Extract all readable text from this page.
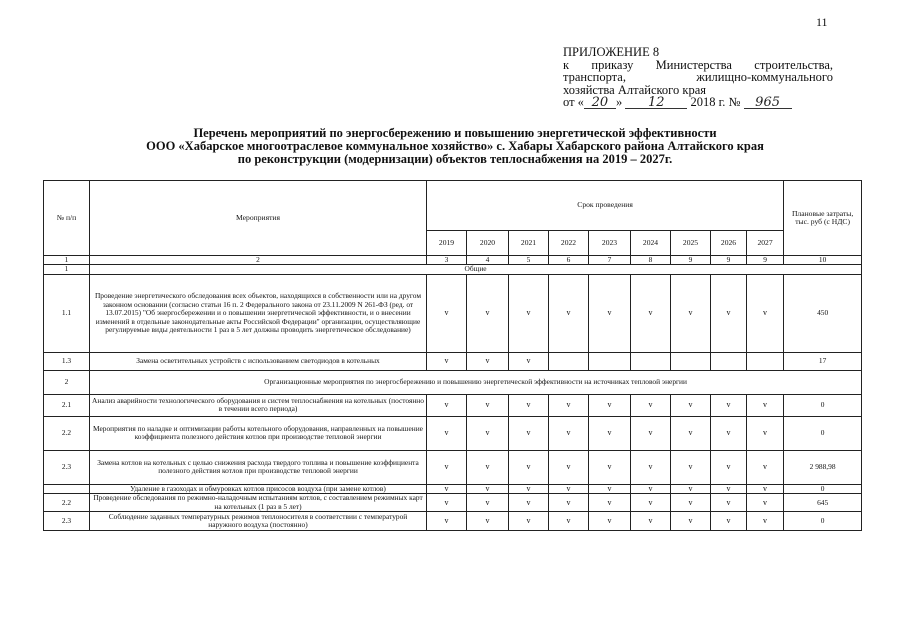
11
ПРИЛОЖЕНИЕ 8
к приказу Министерства строительства,
транспорта, жилищно-коммунального
хозяйства Алтайского края
от « 20 » 12 2018 г. № 965
Перечень мероприятий по энергосбережению и повышению энергетической эффективности
ООО «Хабарское многоотраслевое коммунальное хозяйство» с. Хабары Хабарского района Алтайского края
по реконструкции (модернизации) объектов теплоснабжения на 2019 – 2027г.
№ п/п	Мероприятия	Срок проведения									Плановые затраты, тыс. руб (с НДС)
		2019	2020	2021	2022	2023	2024	2025	2026	2027	
1	2	3	4	5	6	7	8	9	9	9	10
1	Общие										
1.1	Проведение энергетического обследования всех объектов, находящихся в собственности или на другом законном основании (согласно статьи 16 п. 2 Федерального закона от 23.11.2009 N 261-ФЗ (ред. от 13.07.2015) "Об энергосбережении и о повышении энергетической эффективности, и о внесении изменений в отдельные законодательные акты Российской Федерации" организации, осуществляющие регулируемые виды деятельности 1 раз в 5 лет должны проводить энергетическое обследование)	v	v	v	v	v	v	v	v	v	450
1.3	Замена осветительных устройств с использованием светодиодов в котельных	v	v	v							17
2	Организационные мероприятия по энергосбережению и повышению энергетической эффективности на источниках тепловой энергии										
2.1	Анализ аварийности технологического оборудования и систем теплоснабжения на котельных (постоянно в течении всего периода)	v	v	v	v	v	v	v	v	v	0
2.2	Мероприятия по наладке и оптимизации работы котельного оборудования, направленных на повышение коэффициента полезного действия котлов при производстве тепловой энергии	v	v	v	v	v	v	v	v	v	0
2.3	Замена котлов на котельных с целью снижения расхода твердого топлива и повышение коэффициента полезного действия котлов при производстве тепловой энергии	v	v	v	v	v	v	v	v	v	2 988,98
	Удаление в газоходах и обмуровках котлов присосов воздуха (при замене котлов)	v	v	v	v	v	v	v	v	v	0
2.2	Проведение обследования по режимно-наладочным испытаниям котлов, с составлением режимных карт на котельных (1 раз в 5 лет)	v	v	v	v	v	v	v	v	v	645
2.3	Соблюдение заданных температурных режимов теплоносителя в соответствии с температурой наружного воздуха (постоянно)	v	v	v	v	v	v	v	v	v	0
